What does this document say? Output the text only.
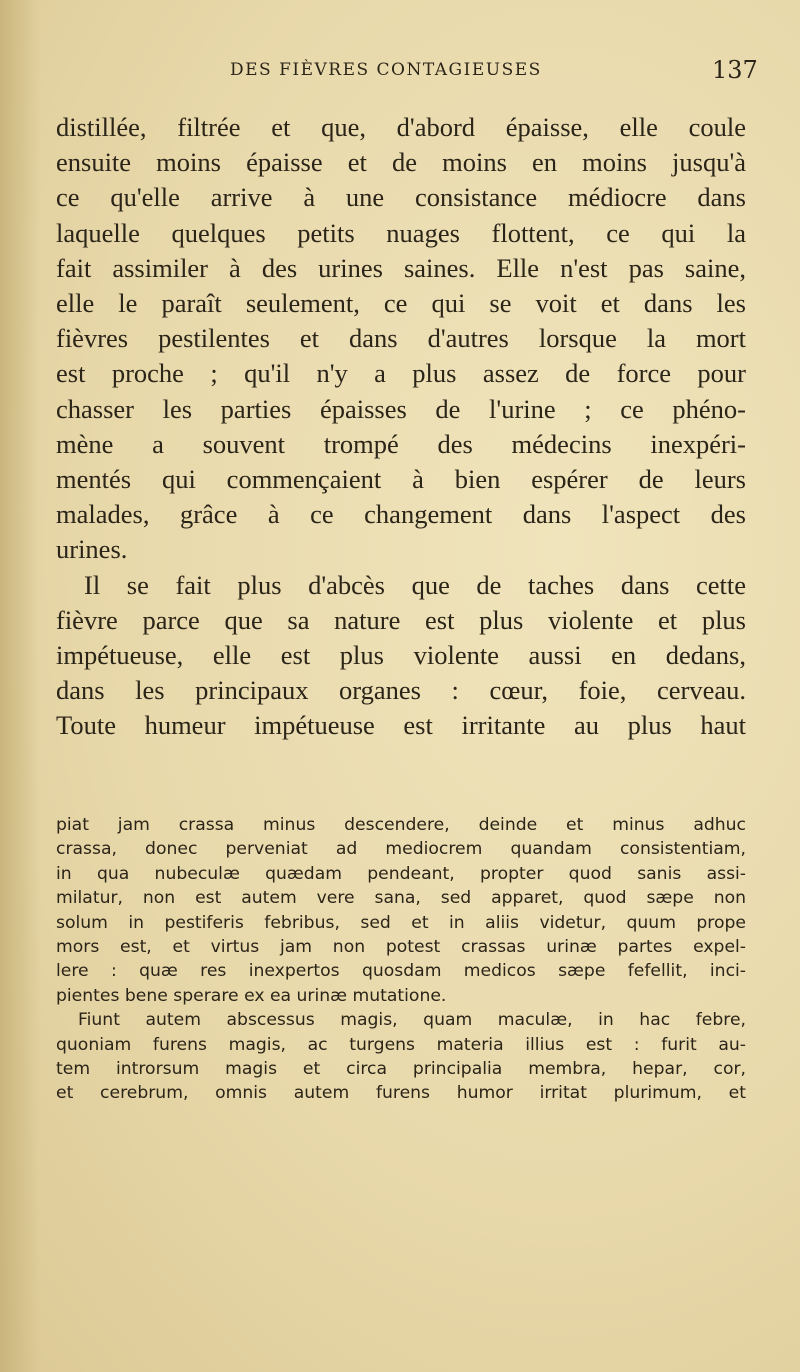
DES FIÈVRES CONTAGIEUSES	137
distillée, filtrée et que, d'abord épaisse, elle coule
ensuite moins épaisse et de moins en moins jusqu'à
ce qu'elle arrive à une consistance médiocre dans
laquelle quelques petits nuages flottent, ce qui la
fait assimiler à des urines saines. Elle n'est pas saine,
elle le paraît seulement, ce qui se voit et dans les
fièvres pestilentes et dans d'autres lorsque la mort
est proche ; qu'il n'y a plus assez de force pour
chasser les parties épaisses de l'urine ; ce phéno-
mène a souvent trompé des médecins inexpéri-
mentés qui commençaient à bien espérer de leurs
malades, grâce à ce changement dans l'aspect des
urines.
Il se fait plus d'abcès que de taches dans cette
fièvre parce que sa nature est plus violente et plus
impétueuse, elle est plus violente aussi en dedans,
dans les principaux organes : cœur, foie, cerveau.
Toute humeur impétueuse est irritante au plus haut
piat jam crassa minus descendere, deinde et minus adhuc
crassa, donec perveniat ad mediocrem quandam consistentiam,
in qua nubeculæ quædam pendeant, propter quod sanis assi-
milatur, non est autem vere sana, sed apparet, quod sæpe non
solum in pestiferis febribus, sed et in aliis videtur, quum prope
mors est, et virtus jam non potest crassas urinæ partes expel-
lere : quæ res inexpertos quosdam medicos sæpe fefellit, inci-
pientes bene sperare ex ea urinæ mutatione.
Fiunt autem abscessus magis, quam maculæ, in hac febre,
quoniam furens magis, ac turgens materia illius est : furit au-
tem introrsum magis et circa principalia membra, hepar, cor,
et cerebrum, omnis autem furens humor irritat plurimum, et
